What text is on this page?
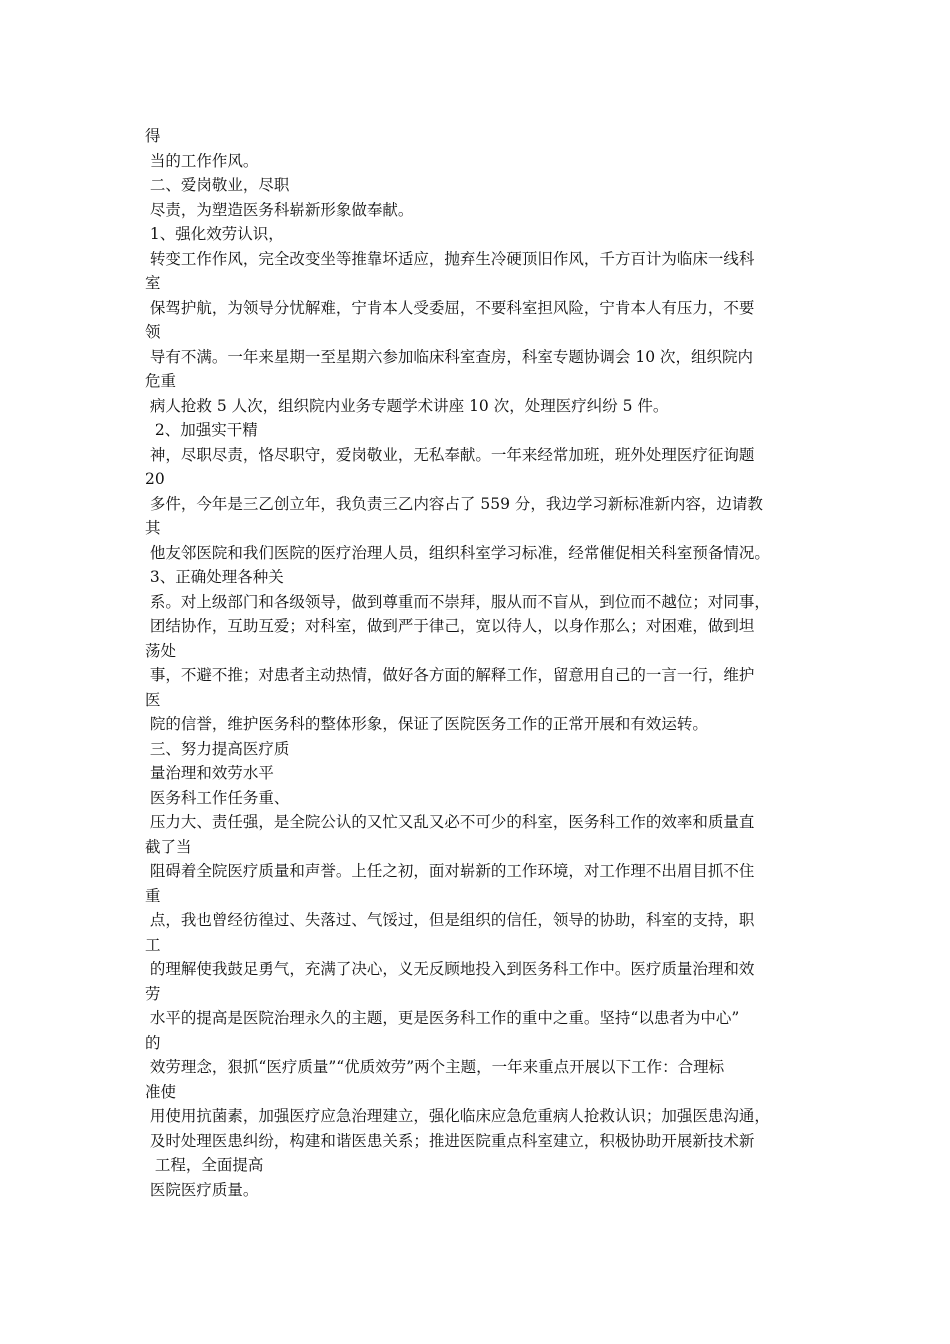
得
当的工作作风。
二、爱岗敬业，尽职
尽责，为塑造医务科崭新形象做奉献。
1、强化效劳认识，
转变工作作风，完全改变坐等推靠坏适应，抛弃生冷硬顶旧作风，千方百计为临床一线科
室
保驾护航，为领导分忧解难，宁肯本人受委屈，不要科室担风险，宁肯本人有压力，不要
领
导有不满。一年来星期一至星期六参加临床科室查房，科室专题协调会 10 次，组织院内
危重
病人抢救 5 人次，组织院内业务专题学术讲座 10 次，处理医疗纠纷 5 件。
2、加强实干精
神，尽职尽责，恪尽职守，爱岗敬业，无私奉献。一年来经常加班，班外处理医疗征询题
20
多件，今年是三乙创立年，我负责三乙内容占了 559 分，我边学习新标准新内容，边请教
其
他友邻医院和我们医院的医疗治理人员，组织科室学习标准，经常催促相关科室预备情况。
3、正确处理各种关
系。对上级部门和各级领导，做到尊重而不崇拜，服从而不盲从，到位而不越位；对同事，
团结协作，互助互爱；对科室，做到严于律己，宽以待人，以身作那么；对困难，做到坦
荡处
事，不避不推；对患者主动热情，做好各方面的解释工作，留意用自己的一言一行，维护
医
院的信誉，维护医务科的整体形象，保证了医院医务工作的正常开展和有效运转。
三、努力提高医疗质
量治理和效劳水平
医务科工作任务重、
压力大、责任强，是全院公认的又忙又乱又必不可少的科室，医务科工作的效率和质量直
截了当
阻碍着全院医疗质量和声誉。上任之初，面对崭新的工作环境，对工作理不出眉目抓不住
重
点，我也曾经彷徨过、失落过、气馁过，但是组织的信任，领导的协助，科室的支持，职
工
的理解使我鼓足勇气，充满了决心，义无反顾地投入到医务科工作中。医疗质量治理和效
劳
水平的提高是医院治理永久的主题，更是医务科工作的重中之重。坚持“以患者为中心”
的
效劳理念，狠抓“医疗质量”“优质效劳”两个主题，一年来重点开展以下工作：合理标
准使
用使用抗菌素，加强医疗应急治理建立，强化临床应急危重病人抢救认识；加强医患沟通，
及时处理医患纠纷，构建和谐医患关系；推进医院重点科室建立，积极协助开展新技术新
工程，全面提高
医院医疗质量。
